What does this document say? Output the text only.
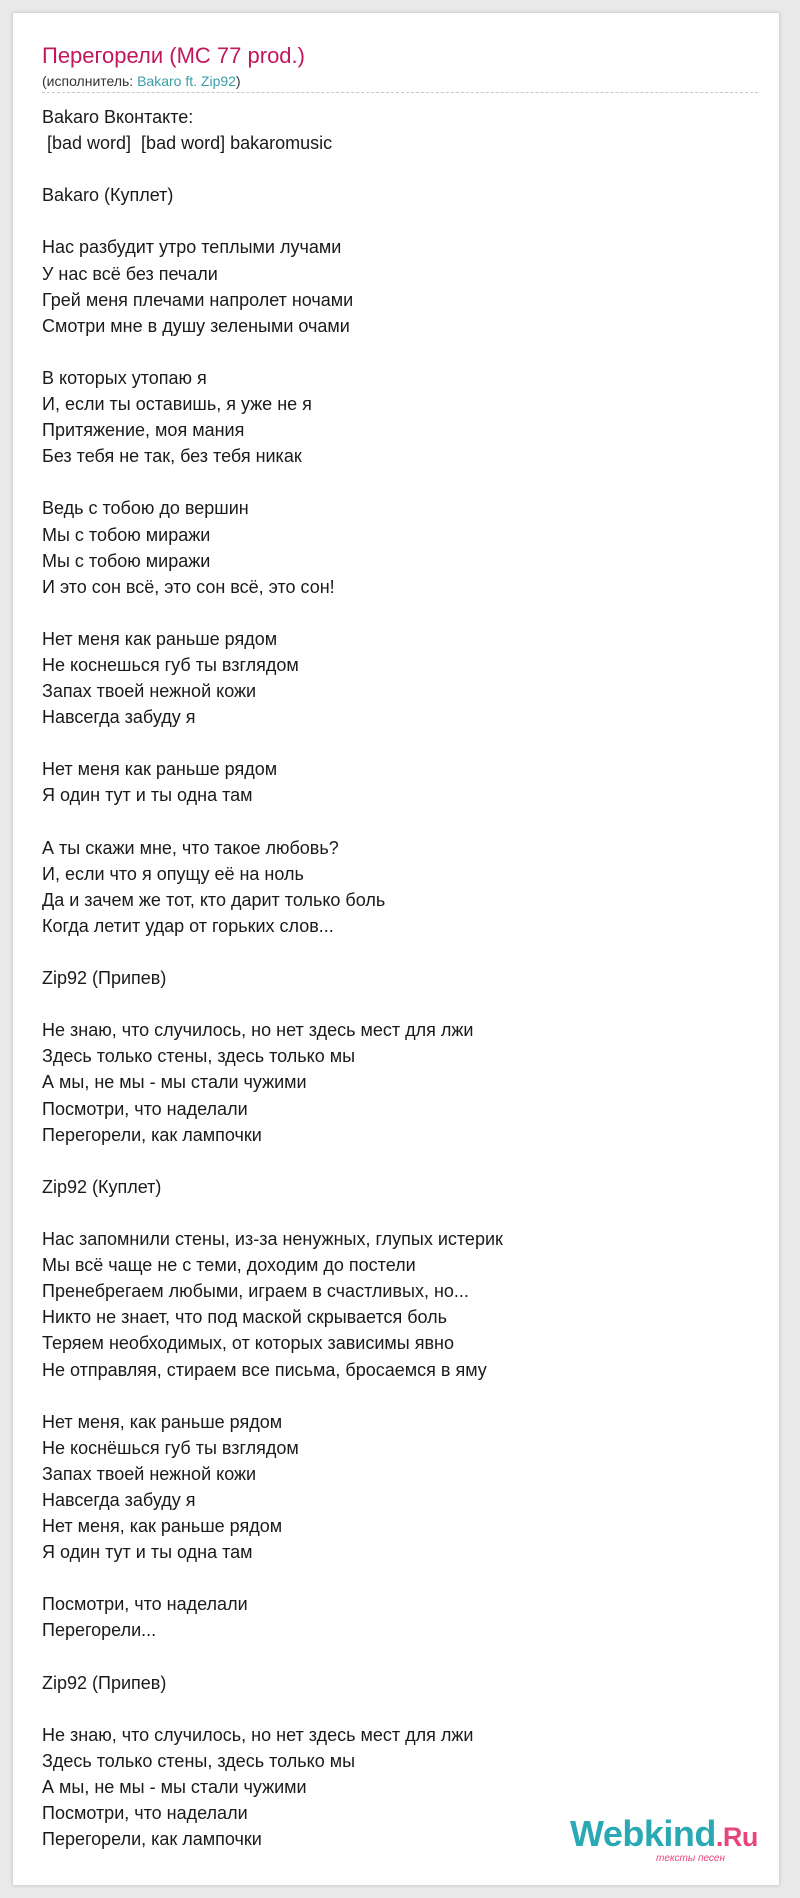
Перегорели (MC 77 prod.)
(исполнитель: Bakaro ft. Zip92)
Bakaro Вконтакте:
[bad word]  [bad word] bakaromusic
Bakaro (Куплет)
Нас разбудит утро теплыми лучами
У нас всё без печали
Грей меня плечами напролет ночами
Смотри мне в душу зелеными очами
В которых утопаю я
И, если ты оставишь, я уже не я
Притяжение, моя мания
Без тебя не так, без тебя никак
Ведь с тобою до вершин
Мы с тобою миражи
Мы с тобою миражи
И это сон всё, это сон всё, это сон!
Нет меня как раньше рядом
Не коснешься губ ты взглядом
Запах твоей нежной кожи
Навсегда забуду я
Нет меня как раньше рядом
Я один тут и ты одна там
А ты скажи мне, что такое любовь?
И, если что я опущу её на ноль
Да и зачем же тот, кто дарит только боль
Когда летит удар от горьких слов...
Zip92 (Припев)
Не знаю, что случилось, но нет здесь мест для лжи
Здесь только стены, здесь только мы
А мы, не мы - мы стали чужими
Посмотри, что наделали
Перегорели, как лампочки
Zip92 (Куплет)
Нас запомнили стены, из-за ненужных, глупых истерик
Мы всё чаще не с теми, доходим до постели
Пренебрегаем любыми, играем в счастливых, но...
Никто не знает, что под маской скрывается боль
Теряем необходимых, от которых зависимы явно
Не отправляя, стираем все письма, бросаемся в яму
Нет меня, как раньше рядом
Не коснёшься губ ты взглядом
Запах твоей нежной кожи
Навсегда забуду я
Нет меня, как раньше рядом
Я один тут и ты одна там
Посмотри, что наделали
Перегорели...
Zip92 (Припев)
Не знаю, что случилось, но нет здесь мест для лжи
Здесь только стены, здесь только мы
А мы, не мы - мы стали чужими
Посмотри, что наделали
Перегорели, как лампочки	Webkind.Ru
тексты песен
